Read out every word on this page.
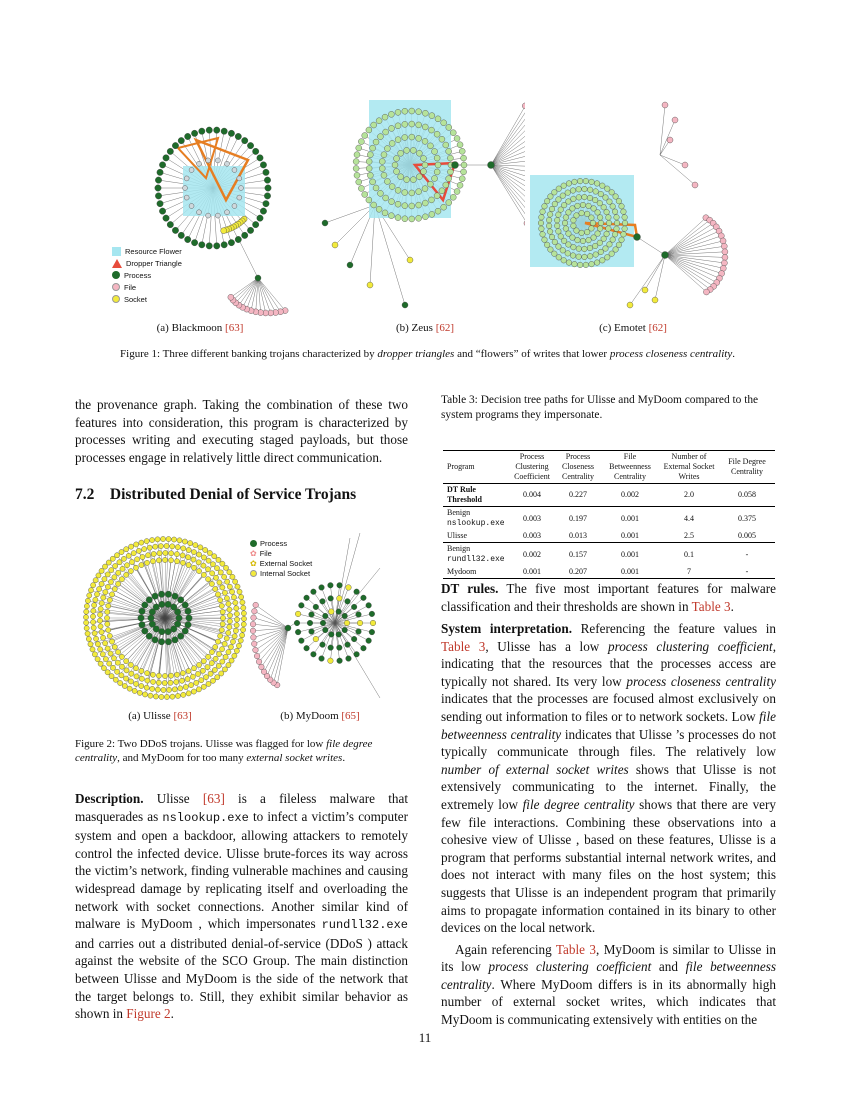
Resource Flower
Dropper Triangle
Process
File
Socket
(a) Blackmoon [63]	(b) Zeus [62]	(c) Emotet [62]
Figure 1: Three different banking trojans characterized by dropper triangles and “flowers” of writes that lower process closeness centrality.

the provenance graph. Taking the combination of these two features into consideration, this program is characterized by processes writing and executing staged payloads, but those processes engage in relatively little direct communication.

7.2 Distributed Denial of Service Trojans
Process
✿ File
✿ External Socket
Internal Socket
(a) Ulisse [63]	(b) MyDoom [65]
Figure 2: Two DDoS trojans. Ulisse was flagged for low file degree centrality, and MyDoom for too many external socket writes.

Description. Ulisse [63] is a fileless malware that masquerades as nslookup.exe to infect a victim’s computer system and open a backdoor, allowing attackers to remotely control the infected device. Ulisse brute-forces its way across the victim’s network, finding vulnerable machines and causing widespread damage by replicating itself and overloading the network with socket connections. Another similar kind of malware is MyDoom , which impersonates rundll32.exe and carries out a distributed denial-of-service (DDoS ) attack against the website of the SCO Group. The main distinction between Ulisse and MyDoom is the side of the network that the target belongs to. Still, they exhibit similar behavior as shown in Figure 2.

Table 3: Decision tree paths for Ulisse and MyDoom compared to the system programs they impersonate.
Program	Process Clustering Coefficient	Process Closeness Centrality	File Betweenness Centrality	Number of External Socket Writes	File Degree Centrality
DT Rule Threshold	0.004	0.227	0.002	2.0	0.058
Benign nslookup.exe	0.003	0.197	0.001	4.4	0.375
Ulisse	0.003	0.013	0.001	2.5	0.005
Benign rundll32.exe	0.002	0.157	0.001	0.1	-
Mydoom	0.001	0.207	0.001	7	-

DT rules. The five most important features for malware classification and their thresholds are shown in Table 3.

System interpretation. Referencing the feature values in Table 3, Ulisse has a low process clustering coefficient, indicating that the resources that the processes access are typically not shared. Its very low process closeness centrality indicates that the processes are focused almost exclusively on sending out information to files or to network sockets. Low file betweenness centrality indicates that Ulisse ’s processes do not typically communicate through files. The relatively low number of external socket writes shows that Ulisse is not extensively communicating to the internet. Finally, the extremely low file degree centrality shows that there are very few file interactions. Combining these observations into a cohesive view of Ulisse , based on these features, Ulisse is a program that performs substantial internal network writes, and does not interact with many files on the host system; this suggests that Ulisse is an independent program that primarily aims to propagate information contained in its binary to other devices on the local network.

Again referencing Table 3, MyDoom is similar to Ulisse in its low process clustering coefficient and file betweenness centrality. Where MyDoom differs is in its abnormally high number of external socket writes, which indicates that MyDoom is communicating extensively with entities on the

11
